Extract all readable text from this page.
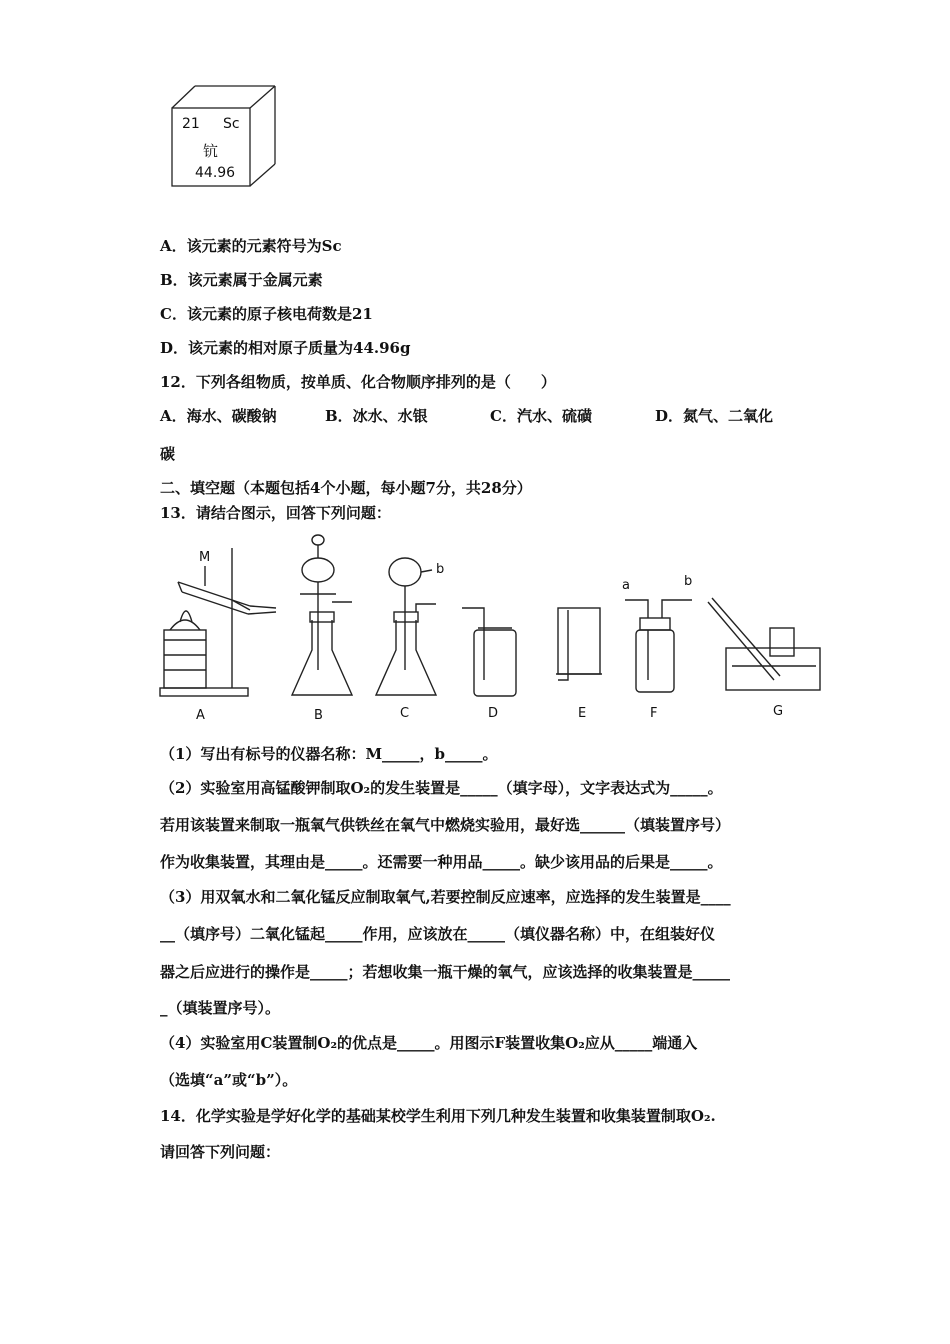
21 Sc
钪
44.96
A．该元素的元素符号为Sc
B．该元素属于金属元素
C．该元素的原子核电荷数是21
D．该元素的相对原子质量为44.96g
12．下列各组物质，按单质、化合物顺序排列的是（　　）
A．海水、碳酸钠	B．冰水、水银	C．汽水、硫磺	D．氮气、二氧化
碳
二、填空题（本题包括4个小题，每小题7分，共28分）
13．请结合图示，回答下列问题：
A	B	C	D	E	F	G
M
b
a	b
（1）写出有标号的仪器名称：M_____，b_____。
（2）实验室用高锰酸钾制取O₂的发生装置是_____（填字母），文字表达式为_____。
若用该装置来制取一瓶氧气供铁丝在氧气中燃烧实验用，最好选______（填装置序号）
作为收集装置，其理由是_____。还需要一种用品_____。缺少该用品的后果是_____。
（3）用双氧水和二氧化锰反应制取氧气,若要控制反应速率，应选择的发生装置是____
__（填序号）二氧化锰起_____作用，应该放在_____（填仪器名称）中，在组装好仪
器之后应进行的操作是_____；若想收集一瓶干燥的氧气，应该选择的收集装置是_____
_（填装置序号）。
（4）实验室用C装置制O₂的优点是_____。用图示F装置收集O₂应从_____端通入
（选填“a”或“b”）。
14．化学实验是学好化学的基础某校学生利用下列几种发生装置和收集装置制取O₂.
请回答下列问题：
